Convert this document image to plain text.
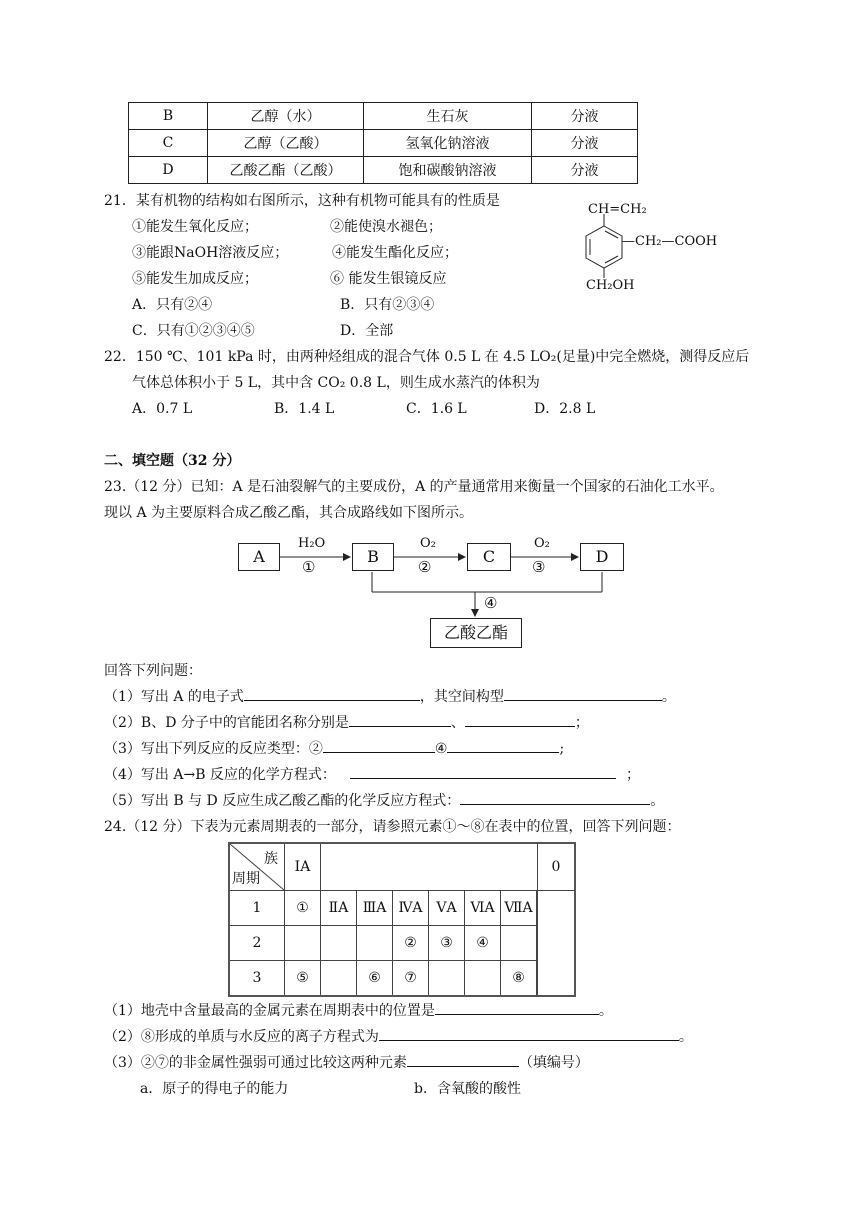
B	乙醇（水）	生石灰	分液
C	乙醇（乙酸）	氢氧化钠溶液	分液
D	乙酸乙酯（乙酸）	饱和碳酸钠溶液	分液
21．某有机物的结构如右图所示，这种有机物可能具有的性质是
①能发生氧化反应；	②能使溴水褪色；
③能跟NaOH溶液反应；	④能发生酯化反应；
⑤能发生加成反应；	⑥ 能发生银镜反应
A．只有②④	B．只有②③④
C．只有①②③④⑤	D．全部
CH=CH₂
—CH₂—COOH
CH₂OH
22．150 ℃、101 kPa 时，由两种烃组成的混合气体 0.5 L 在 4.5 LO₂(足量)中完全燃烧，测得反应后
气体总体积小于 5 L，其中含 CO₂ 0.8 L，则生成水蒸汽的体积为
A．0.7 L	B．1.4 L	C．1.6 L	D．2.8 L
二、填空题（32 分）
23.（12 分）已知：A 是石油裂解气的主要成份，A 的产量通常用来衡量一个国家的石油化工水平。
现以 A 为主要原料合成乙酸乙酯，其合成路线如下图所示。
A	B	C	D
乙酸乙酯
H₂O
①
O₂
②
O₂
③
④
回答下列问题：
（1）写出 A 的电子式	，其空间构型	。
（2）B、D 分子中的官能团名称分别是	、	；
（3）写出下列反应的反应类型：②	④	;
（4）写出 A→B 反应的化学方程式：	；
（5）写出 B 与 D 反应生成乙酸乙酯的化学反应方程式：	。
24.（12 分）下表为元素周期表的一部分，请参照元素①～⑧在表中的位置，回答下列问题：
族
周期	ⅠA							0
1	①	ⅡA	ⅢA	ⅣA	ⅤA	ⅥA	ⅦA	
2				②	③	④		
3	⑤		⑥	⑦			⑧	
（1）地壳中含量最高的金属元素在周期表中的位置是	。
（2）⑧形成的单质与水反应的离子方程式为	。
（3）②⑦的非金属性强弱可通过比较这两种元素	（填编号）
a．原子的得电子的能力	b．含氧酸的酸性
